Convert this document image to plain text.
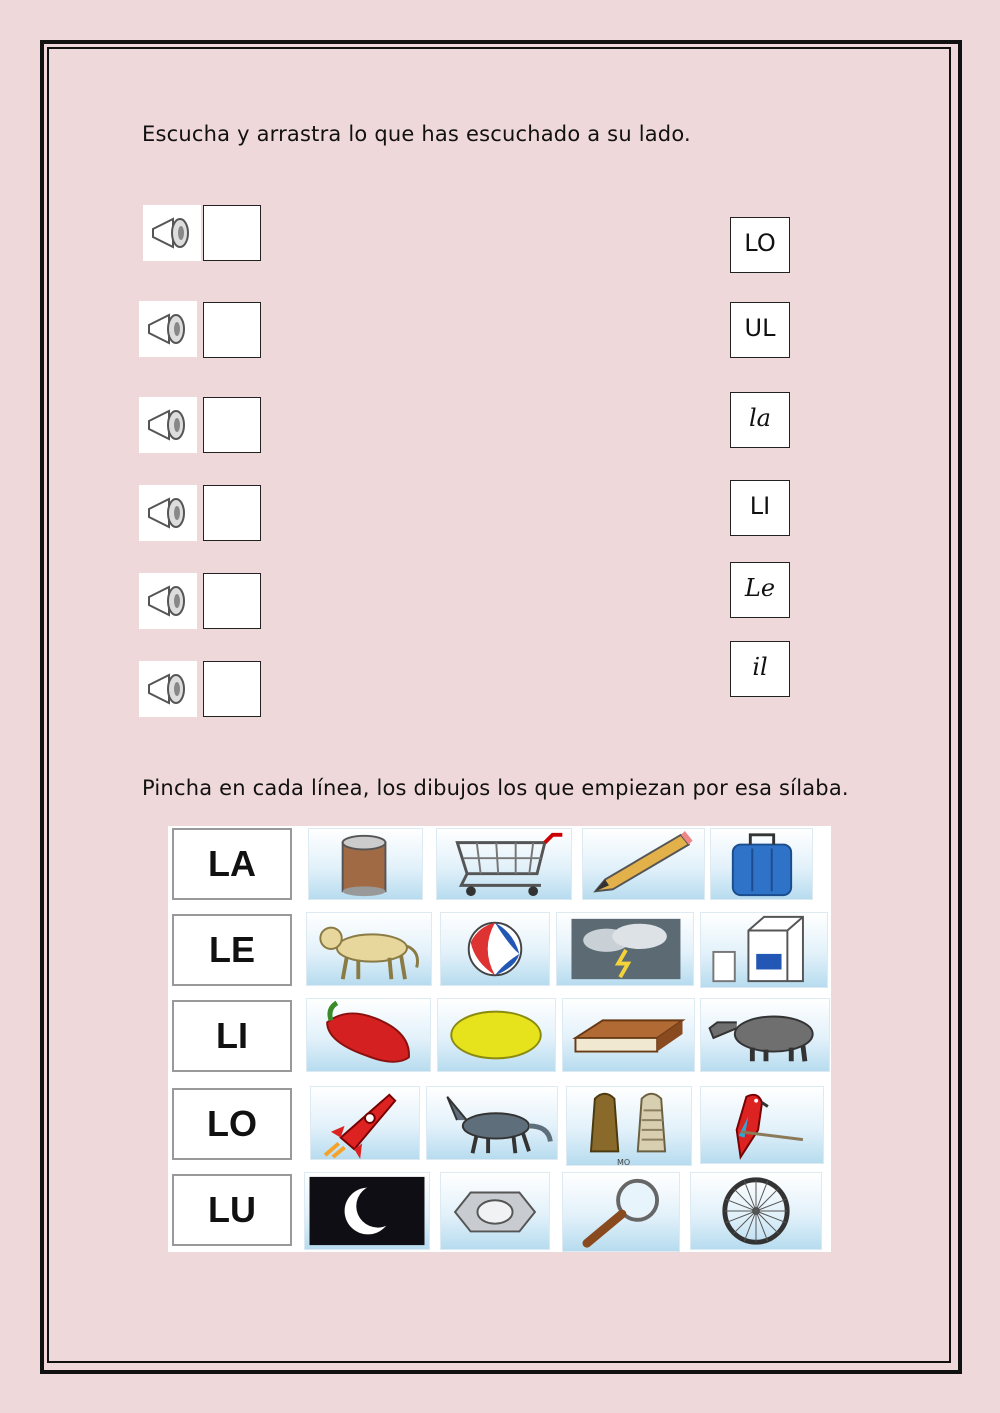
Escucha y arrastra lo que has escuchado a su lado.
LO
UL
la
LI
Le
il
Pincha en cada línea, los dibujos los que empiezan por esa sílaba.
LA
LE
LI
LO
LU
MO
